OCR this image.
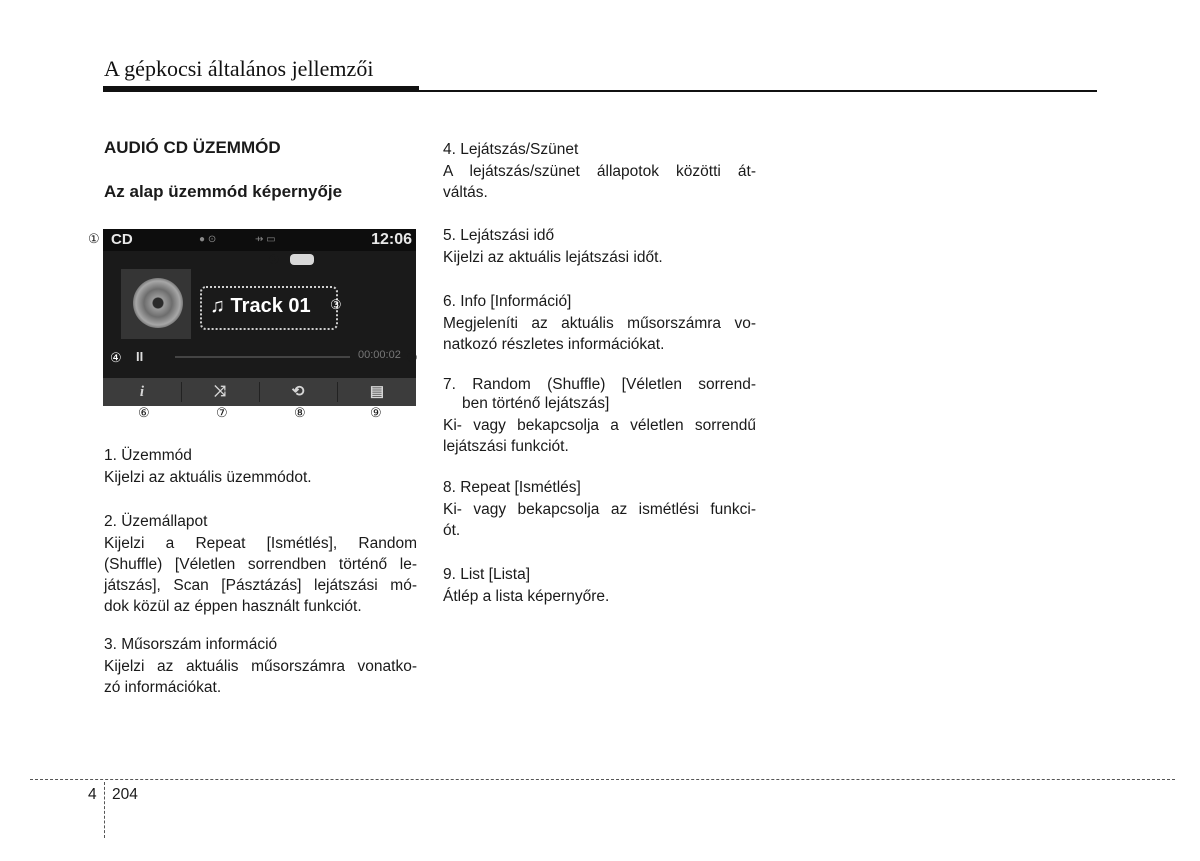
A gépkocsi általános jellemzői
AUDIÓ CD ÜZEMMÓD
Az alap üzemmód képernyője
CD	● ⊙	⇸ ▭	12:06
♫ Track 01
II	00:00:02
i	⤨	⟲	▤
①
②
③
④	⑤
⑥	⑦	⑧	⑨
1. Üzemmód
Kijelzi az aktuális üzemmódot.
2. Üzemállapot
Kijelzi a Repeat [Ismétlés], Random
(Shuffle) [Véletlen sorrendben történő le-
játszás], Scan [Pásztázás] lejátszási mó-
dok közül az éppen használt funkciót.
3. Műsorszám információ
Kijelzi az aktuális műsorszámra vonatko-
zó információkat.
4. Lejátszás/Szünet
A lejátszás/szünet állapotok közötti át-
váltás.
5. Lejátszási idő
Kijelzi az aktuális lejátszási időt.
6. Info [Információ]
Megjeleníti az aktuális műsorszámra vo-
natkozó részletes információkat.
7. Random (Shuffle) [Véletlen sorrend-
ben történő lejátszás]
Ki- vagy bekapcsolja a véletlen sorrendű
lejátszási funkciót.
8. Repeat [Ismétlés]
Ki- vagy bekapcsolja az ismétlési funkci-
ót.
9. List [Lista]
Átlép a lista képernyőre.
4 204
